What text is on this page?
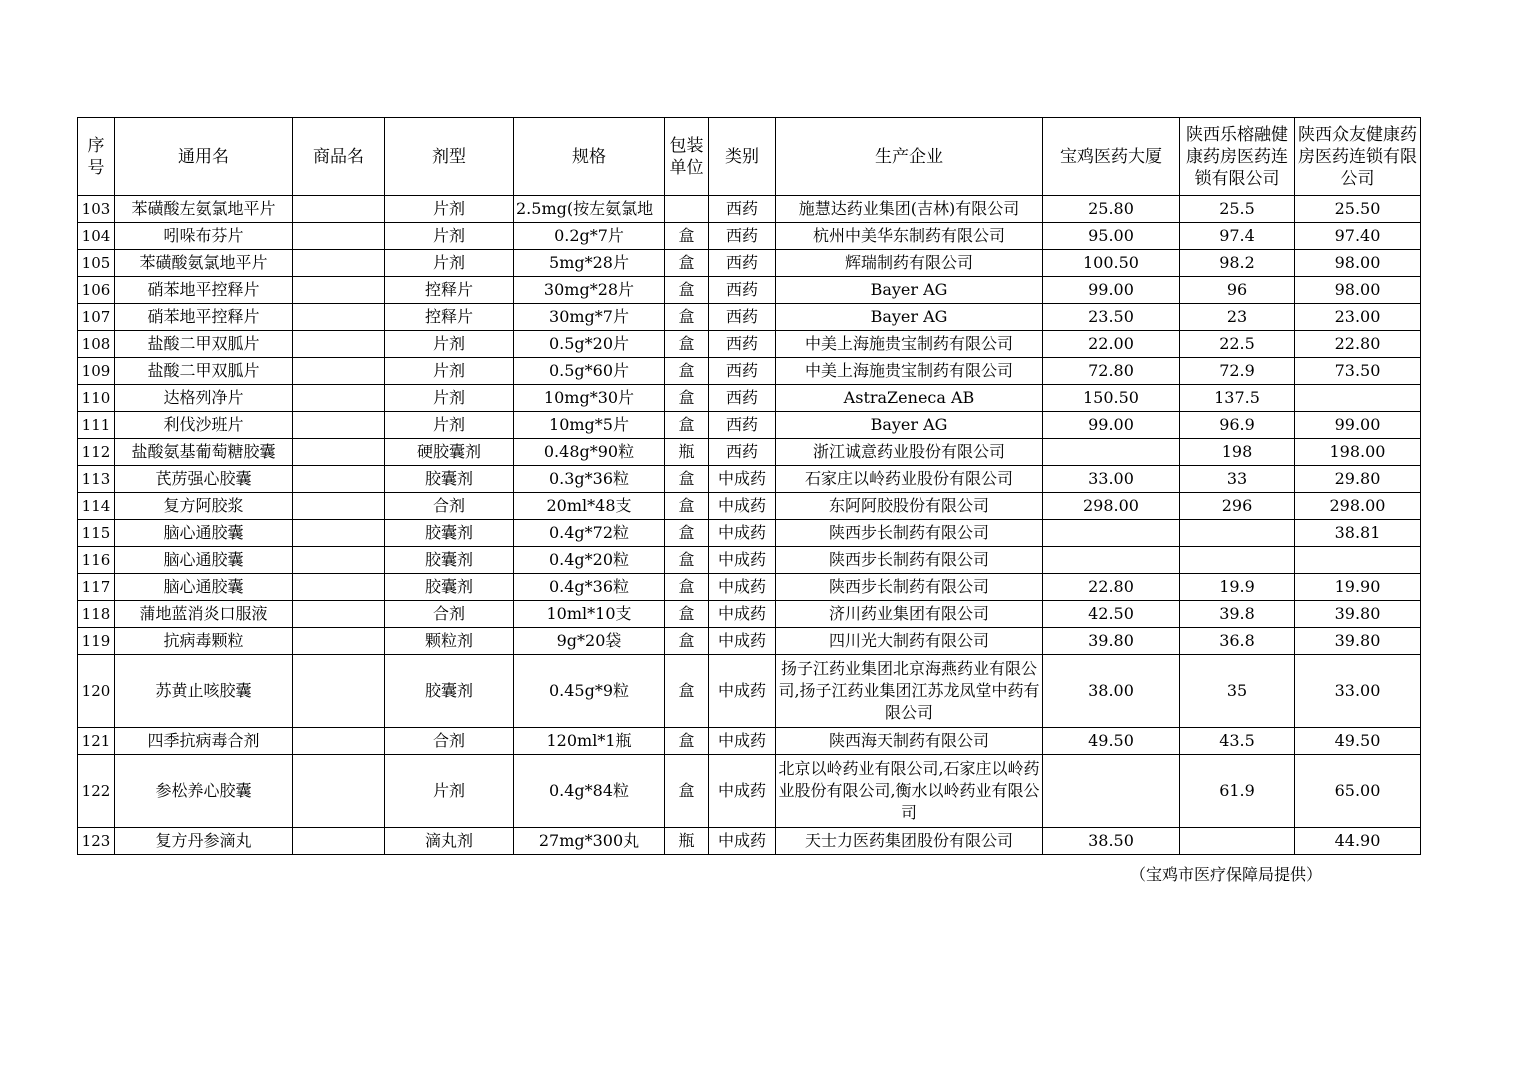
序号	通用名	商品名	剂型	规格	包装单位	类别	生产企业	宝鸡医药大厦	陕西乐榕融健康药房医药连锁有限公司	陕西众友健康药房医药连锁有限公司
103	苯磺酸左氨氯地平片		片剂	2.5mg(按左氨氯地		西药	施慧达药业集团(吉林)有限公司	25.80	25.5	25.50
104	吲哚布芬片		片剂	0.2g*7片	盒	西药	杭州中美华东制药有限公司	95.00	97.4	97.40
105	苯磺酸氨氯地平片		片剂	5mg*28片	盒	西药	辉瑞制药有限公司	100.50	98.2	98.00
106	硝苯地平控释片		控释片	30mg*28片	盒	西药	Bayer AG	99.00	96	98.00
107	硝苯地平控释片		控释片	30mg*7片	盒	西药	Bayer AG	23.50	23	23.00
108	盐酸二甲双胍片		片剂	0.5g*20片	盒	西药	中美上海施贵宝制药有限公司	22.00	22.5	22.80
109	盐酸二甲双胍片		片剂	0.5g*60片	盒	西药	中美上海施贵宝制药有限公司	72.80	72.9	73.50
110	达格列净片		片剂	10mg*30片	盒	西药	AstraZeneca AB	150.50	137.5	
111	利伐沙班片		片剂	10mg*5片	盒	西药	Bayer AG	99.00	96.9	99.00
112	盐酸氨基葡萄糖胶囊		硬胶囊剂	0.48g*90粒	瓶	西药	浙江诚意药业股份有限公司		198	198.00
113	芪苈强心胶囊		胶囊剂	0.3g*36粒	盒	中成药	石家庄以岭药业股份有限公司	33.00	33	29.80
114	复方阿胶浆		合剂	20ml*48支	盒	中成药	东阿阿胶股份有限公司	298.00	296	298.00
115	脑心通胶囊		胶囊剂	0.4g*72粒	盒	中成药	陕西步长制药有限公司			38.81
116	脑心通胶囊		胶囊剂	0.4g*20粒	盒	中成药	陕西步长制药有限公司			
117	脑心通胶囊		胶囊剂	0.4g*36粒	盒	中成药	陕西步长制药有限公司	22.80	19.9	19.90
118	蒲地蓝消炎口服液		合剂	10ml*10支	盒	中成药	济川药业集团有限公司	42.50	39.8	39.80
119	抗病毒颗粒		颗粒剂	9g*20袋	盒	中成药	四川光大制药有限公司	39.80	36.8	39.80
120	苏黄止咳胶囊		胶囊剂	0.45g*9粒	盒	中成药	扬子江药业集团北京海燕药业有限公司,扬子江药业集团江苏龙凤堂中药有限公司	38.00	35	33.00
121	四季抗病毒合剂		合剂	120ml*1瓶	盒	中成药	陕西海天制药有限公司	49.50	43.5	49.50
122	参松养心胶囊		片剂	0.4g*84粒	盒	中成药	北京以岭药业有限公司,石家庄以岭药业股份有限公司,衡水以岭药业有限公司		61.9	65.00
123	复方丹参滴丸		滴丸剂	27mg*300丸	瓶	中成药	天士力医药集团股份有限公司	38.50		44.90
（宝鸡市医疗保障局提供）
